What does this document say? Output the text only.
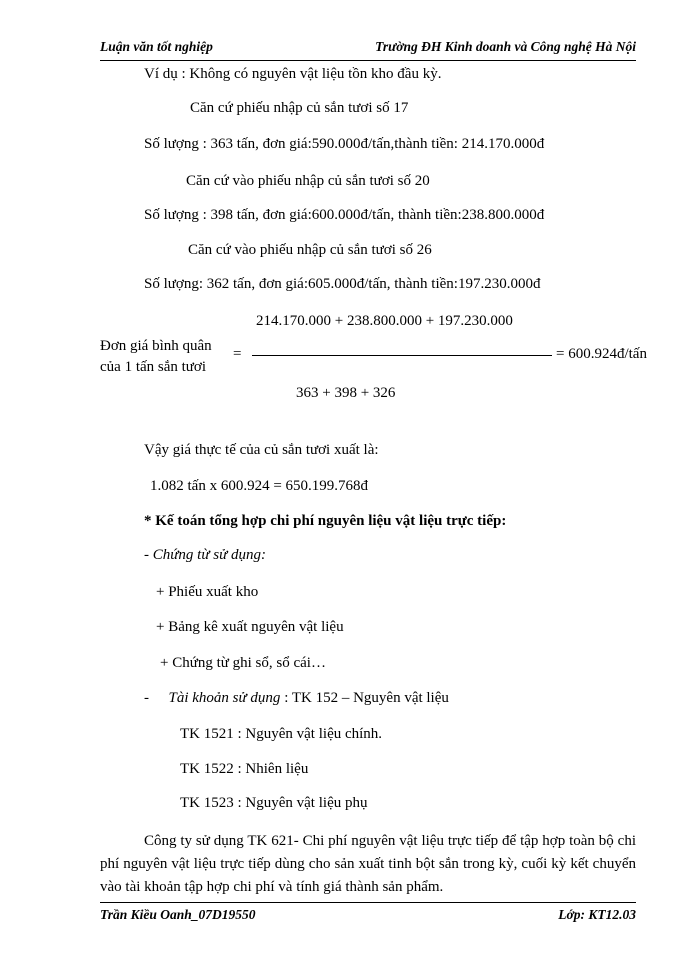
Luận văn tốt nghiệp	Trường ĐH Kinh doanh và Công nghệ Hà Nội
Ví dụ : Không có nguyên vật liệu tồn kho đầu kỳ.
Căn cứ phiếu nhập củ sắn tươi số 17
Số lượng : 363 tấn, đơn giá:590.000đ/tấn,thành tiền: 214.170.000đ
Căn cứ vào phiếu nhập củ sắn tươi số 20
Số lượng : 398 tấn, đơn giá:600.000đ/tấn, thành tiền:238.800.000đ
Căn cứ vào phiếu nhập củ sắn tươi số 26
Số lượng: 362 tấn, đơn giá:605.000đ/tấn, thành tiền:197.230.000đ
214.170.000 + 238.800.000 + 197.230.000
Đơn giá bình quân =	= 600.924đ/tấn
của 1 tấn sắn tươi
363 + 398 + 326
Vậy giá thực tế của củ sắn tươi xuất là:
1.082 tấn x 600.924 = 650.199.768đ
* Kế toán tổng hợp chi phí nguyên liệu vật liệu trực tiếp:
- Chứng từ sử dụng:
+ Phiếu xuất kho
+ Bảng kê xuất nguyên vật liệu
+ Chứng từ ghi sổ, sổ cái…
- Tài khoản sử dụng : TK 152 – Nguyên vật liệu
TK 1521 : Nguyên vật liệu chính.
TK 1522 : Nhiên liệu
TK 1523 : Nguyên vật liệu phụ
Công ty sử dụng TK 621- Chi phí nguyên vật liệu trực tiếp để tập hợp toàn bộ chi phí nguyên vật liệu trực tiếp dùng cho sản xuất tinh bột sắn trong kỳ, cuối kỳ kết chuyển vào tài khoản tập hợp chi phí và tính giá thành sản phẩm.
Trần Kiều Oanh_07D19550	Lớp: KT12.03
